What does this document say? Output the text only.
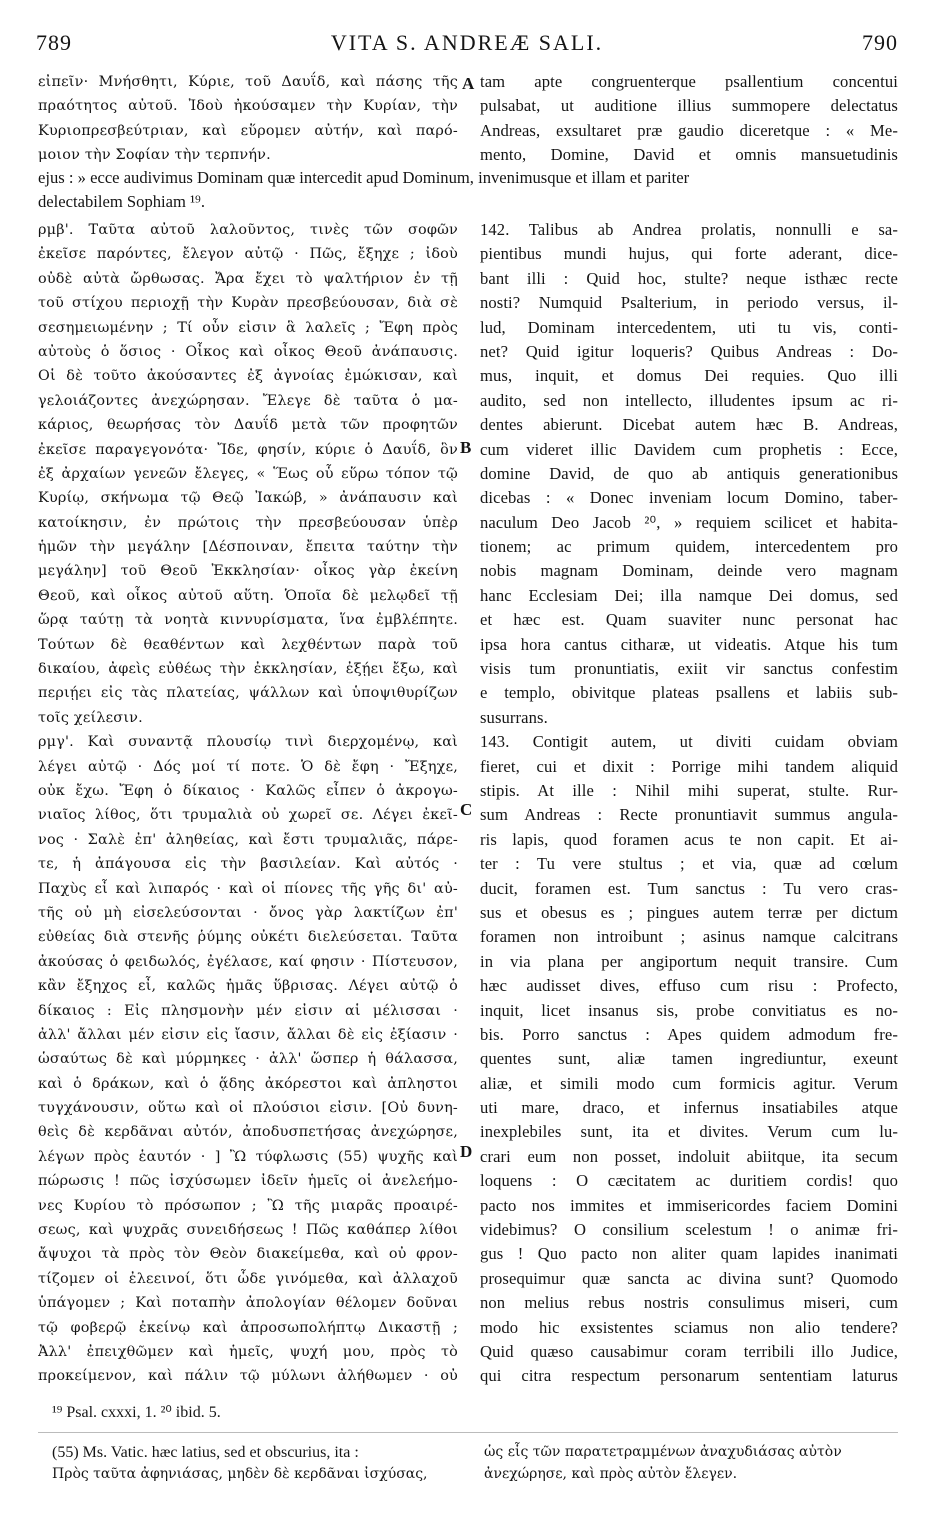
789	VITA S. ANDREÆ SALI.	790
εἰπεῖν· Μνήσθητι, Κύριε, τοῦ Δαυΐδ, καὶ πάσης τῆς
πραότητος αὐτοῦ. Ἰδοὺ ἠκούσαμεν τὴν Κυρίαν, τὴν
Κυριοπρεσβεύτριαν, καὶ εὕρομεν αὐτήν, καὶ παρό-
μοιον τὴν Σοφίαν τὴν τερπνήν.
tam apte congruenterque psallentium concentui
pulsabat, ut auditione illius summopere delectatus
Andreas, exsultaret præ gaudio diceretque : « Me-
mento, Domine, David et omnis mansuetudinis
ejus : » ecce audivimus Dominam quæ intercedit apud Dominum, invenimusque et illam et pariter
delectabilem Sophiam ¹⁹.
ρμβ'. Ταῦτα αὐτοῦ λαλοῦντος, τινὲς τῶν σοφῶν
ἐκεῖσε παρόντες, ἔλεγον αὐτῷ · Πῶς, ἔξηχε ; ἰδοὺ
οὐδὲ αὐτὰ ὤρθωσας. Ἄρα ἔχει τὸ ψαλτήριον ἐν τῇ
τοῦ στίχου περιοχῇ τὴν Κυρὰν πρεσβεύουσαν, διὰ σὲ
σεσημειωμένην ; Τί οὖν εἰσιν ἃ λαλεῖς ; Ἔφη πρὸς
αὐτοὺς ὁ ὅσιος · Οἶκος καὶ οἶκος Θεοῦ ἀνάπαυσις.
Οἱ δὲ τοῦτο ἀκούσαντες ἐξ ἀγνοίας ἐμώκισαν, καὶ
γελοιάζοντες ἀνεχώρησαν. Ἔλεγε δὲ ταῦτα ὁ μα-
κάριος, θεωρήσας τὸν Δαυΐδ μετὰ τῶν προφητῶν
ἐκεῖσε παραγεγονότα· Ἴδε, φησίν, κύριε ὁ Δαυΐδ, ὃν
ἐξ ἀρχαίων γενεῶν ἔλεγες, « Ἕως οὗ εὕρω τόπον τῷ
Κυρίῳ, σκήνωμα τῷ Θεῷ Ἰακώβ, » ἀνάπαυσιν καὶ
κατοίκησιν, ἐν πρώτοις τὴν πρεσβεύουσαν ὑπὲρ
ἡμῶν τὴν μεγάλην [Δέσποιναν, ἔπειτα ταύτην τὴν
μεγάλην] τοῦ Θεοῦ Ἐκκλησίαν· οἶκος γὰρ ἐκείνη
Θεοῦ, καὶ οἶκος αὐτοῦ αὕτη. Ὁποῖα δὲ μελῳδεῖ τῇ
ὥρᾳ ταύτῃ τὰ νοητὰ κιννυρίσματα, ἵνα ἐμβλέπητε.
Τούτων δὲ θεαθέντων καὶ λεχθέντων παρὰ τοῦ
δικαίου, ἀφεὶς εὐθέως τὴν ἐκκλησίαν, ἐξῄει ἔξω, καὶ
περιῄει εἰς τὰς πλατείας, ψάλλων καὶ ὑποψιθυρίζων
τοῖς χείλεσιν.
ρμγ'. Καὶ συναντᾷ πλουσίῳ τινὶ διερχομένῳ, καὶ
λέγει αὐτῷ · Δός μοί τί ποτε. Ὁ δὲ ἔφη · Ἔξηχε,
οὐκ ἔχω. Ἔφη ὁ δίκαιος · Καλῶς εἶπεν ὁ ἀκρογω-
νιαῖος λίθος, ὅτι τρυμαλιὰ οὐ χωρεῖ σε. Λέγει ἐκεῖ-
νος · Σαλὲ ἐπ' ἀληθείας, καὶ ἔστι τρυμαλιᾶς, πάρε-
τε, ἡ ἀπάγουσα εἰς τὴν βασιλείαν. Καὶ αὐτός ·
Παχὺς εἶ καὶ λιπαρός · καὶ οἱ πίονες τῆς γῆς δι' αὐ-
τῆς οὐ μὴ εἰσελεύσονται · ὄνος γὰρ λακτίζων ἐπ'
εὐθείας διὰ στενῆς ῥύμης οὐκέτι διελεύσεται. Ταῦτα
ἀκούσας ὁ φειδωλός, ἐγέλασε, καί φησιν · Πίστευσον,
κἂν ἔξηχος εἶ, καλῶς ἡμᾶς ὕβρισας. Λέγει αὐτῷ ὁ
δίκαιος : Εἰς πλησμονὴν μέν εἰσιν αἱ μέλισσαι ·
ἀλλ' ἄλλαι μέν εἰσιν εἰς ἴασιν, ἄλλαι δὲ εἰς ἐξίασιν ·
ὡσαύτως δὲ καὶ μύρμηκες · ἀλλ' ὥσπερ ἡ θάλασσα,
καὶ ὁ δράκων, καὶ ὁ ᾅδης ἀκόρεστοι καὶ ἀπληστοι
τυγχάνουσιν, οὕτω καὶ οἱ πλούσιοι εἰσιν. [Οὐ δυνη-
θεὶς δὲ κερδᾶναι αὐτόν, ἀποδυσπετήσας ἀνεχώρησε,
λέγων πρὸς ἑαυτόν · ] Ὢ τύφλωσις (55) ψυχῆς καὶ
πώρωσις ! πῶς ἰσχύσωμεν ἰδεῖν ἡμεῖς οἱ ἀνελεήμο-
νες Κυρίου τὸ πρόσωπον ; Ὢ τῆς μιαρᾶς προαιρέ-
σεως, καὶ ψυχρᾶς συνειδήσεως ! Πῶς καθάπερ λίθοι
ἄψυχοι τὰ πρὸς τὸν Θεὸν διακείμεθα, καὶ οὐ φρον-
τίζομεν οἱ ἐλεεινοί, ὅτι ὧδε γινόμεθα, καὶ ἀλλαχοῦ
ὑπάγομεν ; Καὶ ποταπὴν ἀπολογίαν θέλομεν δοῦναι
τῷ φοβερῷ ἐκείνῳ καὶ ἀπροσωπολήπτῳ Δικαστῇ ;
Ἀλλ' ἐπειχθῶμεν καὶ ἡμεῖς, ψυχή μου, πρὸς τὸ
προκείμενον, καὶ πάλιν τῷ μύλωνι ἀλήθωμεν · οὐ
142. Talibus ab Andrea prolatis, nonnulli e sa-
pientibus mundi hujus, qui forte aderant, dice-
bant illi : Quid hoc, stulte? neque isthæc recte
nosti? Numquid Psalterium, in periodo versus, il-
lud, Dominam intercedentem, uti tu vis, conti-
net? Quid igitur loqueris? Quibus Andreas : Do-
mus, inquit, et domus Dei requies. Quo illi
audito, sed non intellecto, illudentes ipsum ac ri-
dentes abierunt. Dicebat autem hæc B. Andreas,
cum videret illic Davidem cum prophetis : Ecce,
domine David, de quo ab antiquis generationibus
dicebas : « Donec inveniam locum Domino, taber-
naculum Deo Jacob ²⁰, » requiem scilicet et habita-
tionem; ac primum quidem, intercedentem pro
nobis magnam Dominam, deinde vero magnam
hanc Ecclesiam Dei; illa namque Dei domus, sed
et hæc est. Quam suaviter nunc personat hac
ipsa hora cantus citharæ, ut videatis. Atque his tum
visis tum pronuntiatis, exiit vir sanctus confestim
e templo, obivitque plateas psallens et labiis sub-
susurrans.
143. Contigit autem, ut diviti cuidam obviam
fieret, cui et dixit : Porrige mihi tandem aliquid
stipis. At ille : Nihil mihi superat, stulte. Rur-
sum Andreas : Recte pronuntiavit summus angula-
ris lapis, quod foramen acus te non capit. Et ai-
ter : Tu vere stultus ; et via, quæ ad cœlum
ducit, foramen est. Tum sanctus : Tu vero cras-
sus et obesus es ; pingues autem terræ per dictum
foramen non introibunt ; asinus namque calcitrans
in via plana per angiportum nequit transire. Cum
hæc audisset dives, effuso cum risu : Profecto,
inquit, licet insanus sis, probe convitiatus es no-
bis. Porro sanctus : Apes quidem admodum fre-
quentes sunt, aliæ tamen ingrediuntur, exeunt
aliæ, et simili modo cum formicis agitur. Verum
uti mare, draco, et infernus insatiabiles atque
inexplebiles sunt, ita et divites. Verum cum lu-
crari eum non posset, indoluit abiitque, ita secum
loquens : O cæcitatem ac duritiem cordis! quo
pacto nos immites et immisericordes faciem Domini
videbimus? O consilium scelestum ! o animæ fri-
gus ! Quo pacto non aliter quam lapides inanimati
prosequimur quæ sancta ac divina sunt? Quomodo
non melius rebus nostris consulimus miseri, cum
modo hic exsistentes sciamus non alio tendere?
Quid quæso causabimur coram terribili illo Judice,
qui citra respectum personarum sententiam laturus
A
B
C
D
¹⁹ Psal. cxxxi, 1. ²⁰ ibid. 5.
(55) Ms. Vatic. hæc latius, sed et obscurius, ita :
Πρὸς ταῦτα ἀφηνιάσας, μηδὲν δὲ κερδᾶναι ἰσχύσας,
ὡς εἷς τῶν παρατετραμμένων ἀναχυδιάσας αὐτὸν
ἀνεχώρησε, καὶ πρὸς αὐτὸν ἔλεγεν.
